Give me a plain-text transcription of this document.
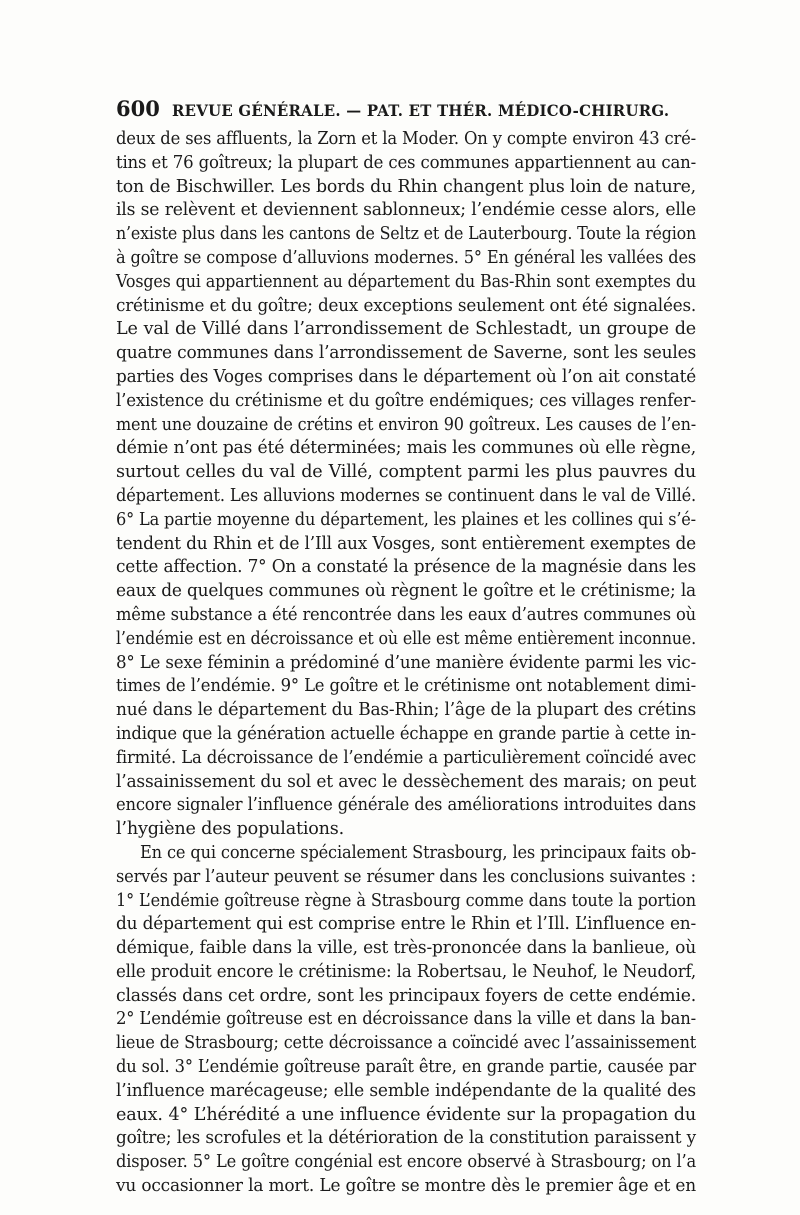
600 REVUE GÉNÉRALE. — PAT. ET THÉR. MÉDICO-CHIRURG.
deux de ses affluents, la Zorn et la Moder. On y compte environ 43 cré-
tins et 76 goîtreux; la plupart de ces communes appartiennent au can-
ton de Bischwiller. Les bords du Rhin changent plus loin de nature,
ils se relèvent et deviennent sablonneux; l’endémie cesse alors, elle
n’existe plus dans les cantons de Seltz et de Lauterbourg. Toute la région
à goître se compose d’alluvions modernes. 5° En général les vallées des
Vosges qui appartiennent au département du Bas-Rhin sont exemptes du
crétinisme et du goître; deux exceptions seulement ont été signalées.
Le val de Villé dans l’arrondissement de Schlestadt, un groupe de
quatre communes dans l’arrondissement de Saverne, sont les seules
parties des Voges comprises dans le département où l’on ait constaté
l’existence du crétinisme et du goître endémiques; ces villages renfer-
ment une douzaine de crétins et environ 90 goîtreux. Les causes de l’en-
démie n’ont pas été déterminées; mais les communes où elle règne,
surtout celles du val de Villé, comptent parmi les plus pauvres du
département. Les alluvions modernes se continuent dans le val de Villé.
6° La partie moyenne du département, les plaines et les collines qui s’é-
tendent du Rhin et de l’Ill aux Vosges, sont entièrement exemptes de
cette affection. 7° On a constaté la présence de la magnésie dans les
eaux de quelques communes où règnent le goître et le crétinisme; la
même substance a été rencontrée dans les eaux d’autres communes où
l’endémie est en décroissance et où elle est même entièrement inconnue.
8° Le sexe féminin a prédominé d’une manière évidente parmi les vic-
times de l’endémie. 9° Le goître et le crétinisme ont notablement dimi-
nué dans le département du Bas-Rhin; l’âge de la plupart des crétins
indique que la génération actuelle échappe en grande partie à cette in-
firmité. La décroissance de l’endémie a particulièrement coïncidé avec
l’assainissement du sol et avec le dessèchement des marais; on peut
encore signaler l’influence générale des améliorations introduites dans
l’hygiène des populations.
En ce qui concerne spécialement Strasbourg, les principaux faits ob-
servés par l’auteur peuvent se résumer dans les conclusions suivantes :
1° L’endémie goîtreuse règne à Strasbourg comme dans toute la portion
du département qui est comprise entre le Rhin et l’Ill. L’influence en-
démique, faible dans la ville, est très-prononcée dans la banlieue, où
elle produit encore le crétinisme: la Robertsau, le Neuhof, le Neudorf,
classés dans cet ordre, sont les principaux foyers de cette endémie.
2° L’endémie goîtreuse est en décroissance dans la ville et dans la ban-
lieue de Strasbourg; cette décroissance a coïncidé avec l’assainissement
du sol. 3° L’endémie goîtreuse paraît être, en grande partie, causée par
l’influence marécageuse; elle semble indépendante de la qualité des
eaux. 4° L’hérédité a une influence évidente sur la propagation du
goître; les scrofules et la détérioration de la constitution paraissent y
disposer. 5° Le goître congénial est encore observé à Strasbourg; on l’a
vu occasionner la mort. Le goître se montre dès le premier âge et en
